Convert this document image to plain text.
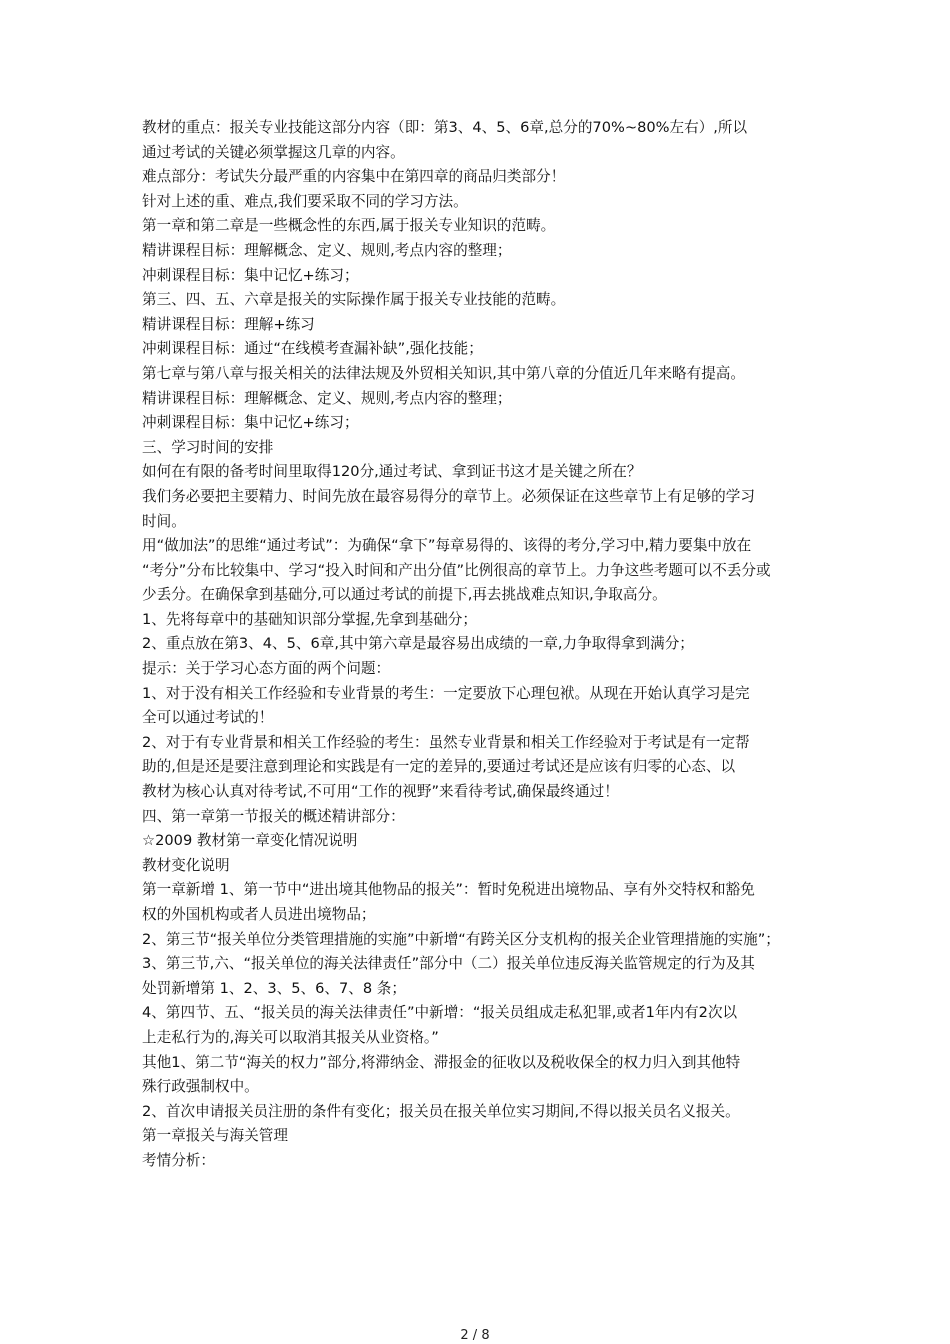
教材的重点：报关专业技能这部分内容（即：第3、4、5、6章,总分的70%~80%左右）,所以
通过考试的关键必须掌握这几章的内容。
难点部分：考试失分最严重的内容集中在第四章的商品归类部分！
针对上述的重、难点,我们要采取不同的学习方法。
第一章和第二章是一些概念性的东西,属于报关专业知识的范畴。
精讲课程目标：理解概念、定义、规则,考点内容的整理；
冲刺课程目标：集中记忆+练习；
第三、四、五、六章是报关的实际操作属于报关专业技能的范畴。
精讲课程目标：理解+练习
冲刺课程目标：通过“在线模考查漏补缺”,强化技能；
第七章与第八章与报关相关的法律法规及外贸相关知识,其中第八章的分值近几年来略有提高。
精讲课程目标：理解概念、定义、规则,考点内容的整理；
冲刺课程目标：集中记忆+练习；
三、学习时间的安排
如何在有限的备考时间里取得120分,通过考试、拿到证书这才是关键之所在？
我们务必要把主要精力、时间先放在最容易得分的章节上。必须保证在这些章节上有足够的学习
时间。
用“做加法”的思维“通过考试”：为确保“拿下”每章易得的、该得的考分,学习中,精力要集中放在
“考分”分布比较集中、学习“投入时间和产出分值”比例很高的章节上。力争这些考题可以不丢分或
少丢分。在确保拿到基础分,可以通过考试的前提下,再去挑战难点知识,争取高分。
1、先将每章中的基础知识部分掌握,先拿到基础分；
2、重点放在第3、4、5、6章,其中第六章是最容易出成绩的一章,力争取得拿到满分；
提示：关于学习心态方面的两个问题：
1、对于没有相关工作经验和专业背景的考生：一定要放下心理包袱。从现在开始认真学习是完
全可以通过考试的！
2、对于有专业背景和相关工作经验的考生：虽然专业背景和相关工作经验对于考试是有一定帮
助的,但是还是要注意到理论和实践是有一定的差异的,要通过考试还是应该有归零的心态、以
教材为核心认真对待考试,不可用“工作的视野”来看待考试,确保最终通过！
四、第一章第一节报关的概述精讲部分：
☆2009 教材第一章变化情况说明
教材变化说明
第一章新增 1、第一节中“进出境其他物品的报关”：暂时免税进出境物品、享有外交特权和豁免
权的外国机构或者人员进出境物品；
2、第三节“报关单位分类管理措施的实施”中新增“有跨关区分支机构的报关企业管理措施的实施”；
3、第三节,六、“报关单位的海关法律责任”部分中（二）报关单位违反海关监管规定的行为及其
处罚新增第 1、2、3、5、6、7、8 条；
4、第四节、五、“报关员的海关法律责任”中新增：“报关员组成走私犯罪,或者1年内有2次以
上走私行为的,海关可以取消其报关从业资格。”
其他1、第二节“海关的权力”部分,将滞纳金、滞报金的征收以及税收保全的权力归入到其他特
殊行政强制权中。
2、首次申请报关员注册的条件有变化；报关员在报关单位实习期间,不得以报关员名义报关。
第一章报关与海关管理
考情分析：
2 / 8
